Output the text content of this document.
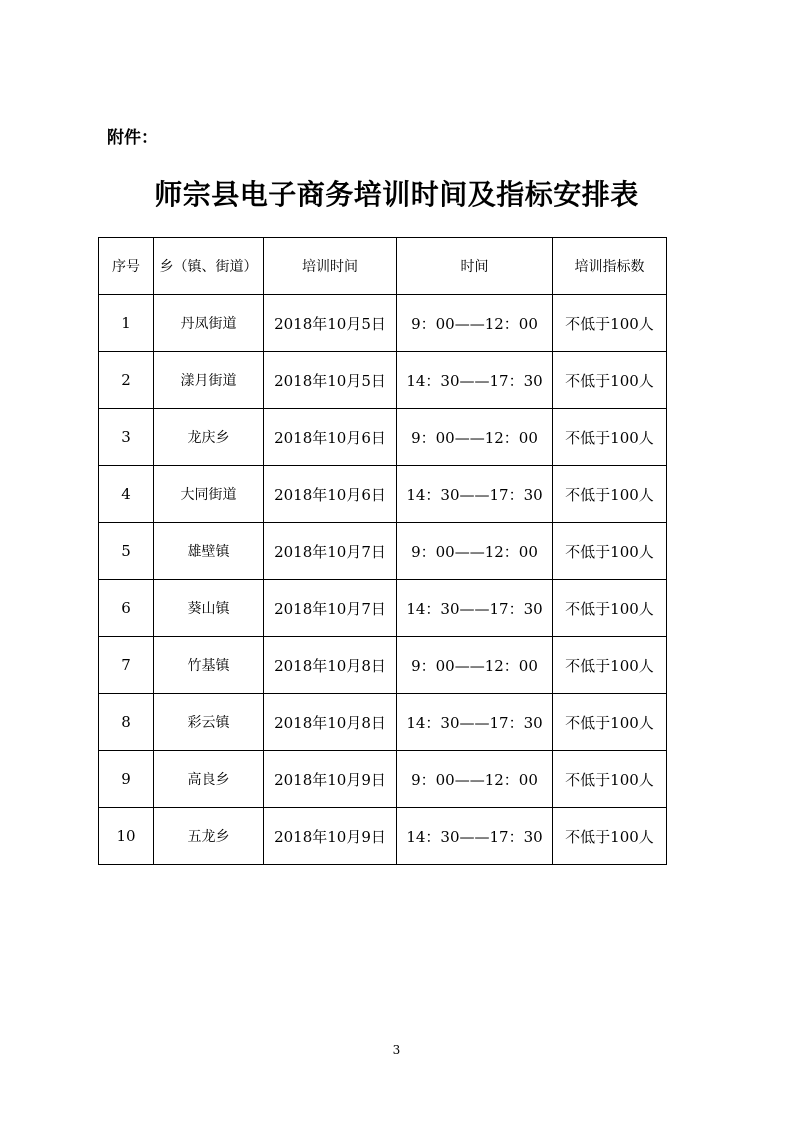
附件：
师宗县电子商务培训时间及指标安排表
序号	乡（镇、街道）	培训时间	时间	培训指标数
1	丹凤街道	2018年10月5日	9：00——12：00	不低于100人
2	漾月街道	2018年10月5日	14：30——17：30	不低于100人
3	龙庆乡	2018年10月6日	9：00——12：00	不低于100人
4	大同街道	2018年10月6日	14：30——17：30	不低于100人
5	雄壁镇	2018年10月7日	9：00——12：00	不低于100人
6	葵山镇	2018年10月7日	14：30——17：30	不低于100人
7	竹基镇	2018年10月8日	9：00——12：00	不低于100人
8	彩云镇	2018年10月8日	14：30——17：30	不低于100人
9	高良乡	2018年10月9日	9：00——12：00	不低于100人
10	五龙乡	2018年10月9日	14：30——17：30	不低于100人
3
